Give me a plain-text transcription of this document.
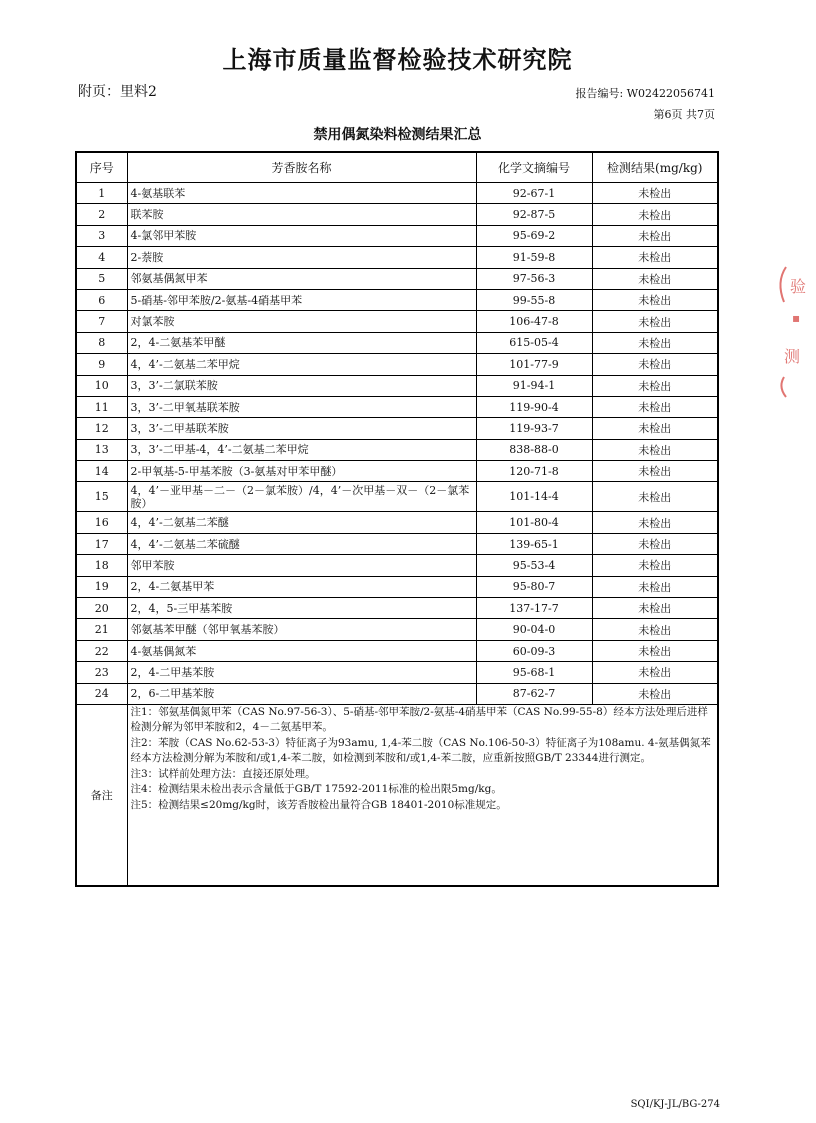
上海市质量监督检验技术研究院
附页：里料2	报告编号: W02422056741
第6页 共7页
禁用偶氮染料检测结果汇总
序号	芳香胺名称	化学文摘编号	检测结果(mg/kg)
1	4-氨基联苯	92-67-1	未检出
2	联苯胺	92-87-5	未检出
3	4-氯邻甲苯胺	95-69-2	未检出
4	2-萘胺	91-59-8	未检出
5	邻氨基偶氮甲苯	97-56-3	未检出
6	5-硝基-邻甲苯胺/2-氨基-4硝基甲苯	99-55-8	未检出
7	对氯苯胺	106-47-8	未检出
8	2，4-二氨基苯甲醚	615-05-4	未检出
9	4，4’-二氨基二苯甲烷	101-77-9	未检出
10	3，3’-二氯联苯胺	91-94-1	未检出
11	3，3’-二甲氧基联苯胺	119-90-4	未检出
12	3，3’-二甲基联苯胺	119-93-7	未检出
13	3，3’-二甲基-4，4’-二氨基二苯甲烷	838-88-0	未检出
14	2-甲氧基-5-甲基苯胺（3-氨基对甲苯甲醚）	120-71-8	未检出
15	4，4’－亚甲基－二－（2－氯苯胺）/4，4’－次甲基－双－（2－氯苯胺）	101-14-4	未检出
16	4，4’-二氨基二苯醚	101-80-4	未检出
17	4，4’-二氨基二苯硫醚	139-65-1	未检出
18	邻甲苯胺	95-53-4	未检出
19	2，4-二氨基甲苯	95-80-7	未检出
20	2，4，5-三甲基苯胺	137-17-7	未检出
21	邻氨基苯甲醚（邻甲氧基苯胺）	90-04-0	未检出
22	4-氨基偶氮苯	60-09-3	未检出
23	2，4-二甲基苯胺	95-68-1	未检出
24	2，6-二甲基苯胺	87-62-7	未检出
备注	注1：邻氨基偶氮甲苯（CAS No.97-56-3）、5-硝基-邻甲苯胺/2-氨基-4硝基甲苯（CAS No.99-55-8）经本方法处理后进样检测分解为邻甲苯胺和2，4－二氨基甲苯。
注2：苯胺（CAS No.62-53-3）特征离子为93amu, 1,4-苯二胺（CAS No.106-50-3）特征离子为108amu. 4-氨基偶氮苯经本方法检测分解为苯胺和/或1,4-苯二胺，如检测到苯胺和/或1,4-苯二胺，应重新按照GB/T 23344进行测定。
注3：试样前处理方法：直接还原处理。
注4：检测结果未检出表示含量低于GB/T 17592-2011标准的检出限5mg/kg。
注5：检测结果≤20mg/kg时，该芳香胺检出量符合GB 18401-2010标准规定。		
验
▪
测
SQI/KJ-JL/BG-274
